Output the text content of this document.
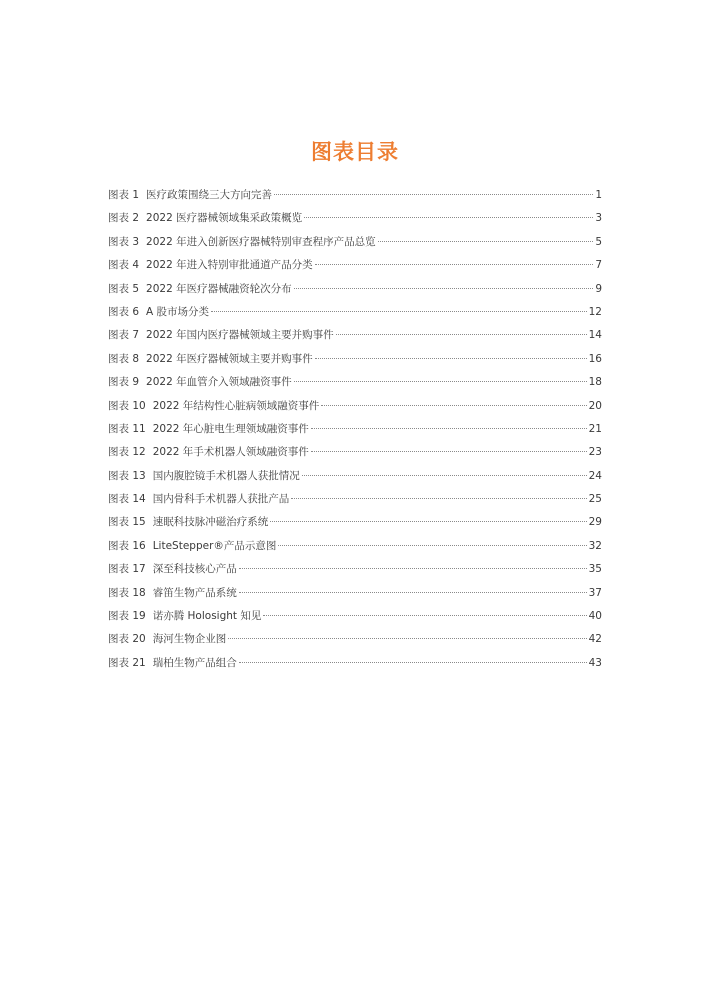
图表目录
图表 1 医疗政策围绕三大方向完善	1
图表 2 2022 医疗器械领域集采政策概览	3
图表 3 2022 年进入创新医疗器械特别审查程序产品总览	5
图表 4 2022 年进入特别审批通道产品分类	7
图表 5 2022 年医疗器械融资轮次分布	9
图表 6 A 股市场分类	12
图表 7 2022 年国内医疗器械领域主要并购事件	14
图表 8 2022 年医疗器械领域主要并购事件	16
图表 9 2022 年血管介入领域融资事件	18
图表 10 2022 年结构性心脏病领域融资事件	20
图表 11 2022 年心脏电生理领域融资事件	21
图表 12 2022 年手术机器人领域融资事件	23
图表 13 国内腹腔镜手术机器人获批情况	24
图表 14 国内骨科手术机器人获批产品	25
图表 15 速眠科技脉冲磁治疗系统	29
图表 16 LiteStepper®产品示意图	32
图表 17 深至科技核心产品	35
图表 18 睿笛生物产品系统	37
图表 19 诺亦腾 Holosight 知见	40
图表 20 海河生物企业图	42
图表 21 瑞柏生物产品组合	43
